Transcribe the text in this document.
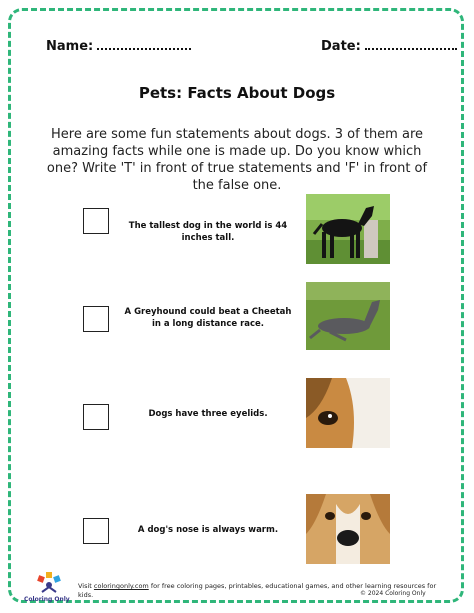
Name:	Date:
Pets: Facts About Dogs
Here are some fun statements about dogs. 3 of them are amazing facts while one is made up. Do you know which one? Write 'T' in front of true statements and 'F' in front of the false one.
The tallest dog in the world is 44 inches tall.
A Greyhound could beat a Cheetah in a long distance race.
Dogs have three eyelids.
A dog's nose is always warm.
Coloring Only
Visit coloringonly.com for free coloring pages, printables, educational games, and other learning resources for kids.	© 2024 Coloring Only
